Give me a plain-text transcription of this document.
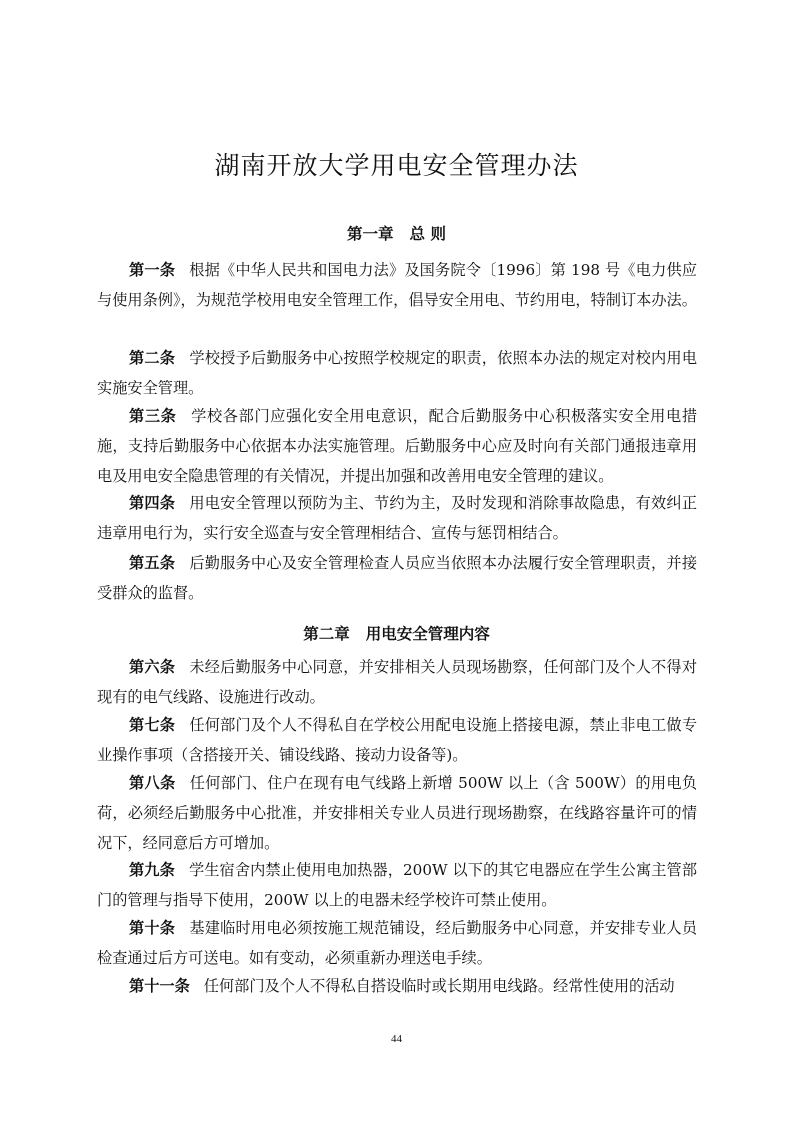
湖南开放大学用电安全管理办法
第一章 总 则
第一条 根据《中华人民共和国电力法》及国务院令〔1996〕第 198 号《电力供应与使用条例》，为规范学校用电安全管理工作，倡导安全用电、节约用电，特制订本办法。
第二条 学校授予后勤服务中心按照学校规定的职责，依照本办法的规定对校内用电实施安全管理。
第三条 学校各部门应强化安全用电意识，配合后勤服务中心积极落实安全用电措施，支持后勤服务中心依据本办法实施管理。后勤服务中心应及时向有关部门通报违章用电及用电安全隐患管理的有关情况，并提出加强和改善用电安全管理的建议。
第四条 用电安全管理以预防为主、节约为主，及时发现和消除事故隐患，有效纠正违章用电行为，实行安全巡查与安全管理相结合、宣传与惩罚相结合。
第五条 后勤服务中心及安全管理检查人员应当依照本办法履行安全管理职责，并接受群众的监督。
第二章 用电安全管理内容
第六条 未经后勤服务中心同意，并安排相关人员现场勘察，任何部门及个人不得对现有的电气线路、设施进行改动。
第七条 任何部门及个人不得私自在学校公用配电设施上搭接电源，禁止非电工做专业操作事项（含搭接开关、铺设线路、接动力设备等)。
第八条 任何部门、住户在现有电气线路上新增 500W 以上（含 500W）的用电负荷，必须经后勤服务中心批准，并安排相关专业人员进行现场勘察，在线路容量许可的情况下，经同意后方可增加。
第九条 学生宿舍内禁止使用电加热器，200W 以下的其它电器应在学生公寓主管部门的管理与指导下使用，200W 以上的电器未经学校许可禁止使用。
第十条 基建临时用电必须按施工规范铺设，经后勤服务中心同意，并安排专业人员检查通过后方可送电。如有变动，必须重新办理送电手续。
第十一条 任何部门及个人不得私自搭设临时或长期用电线路。经常性使用的活动
44
